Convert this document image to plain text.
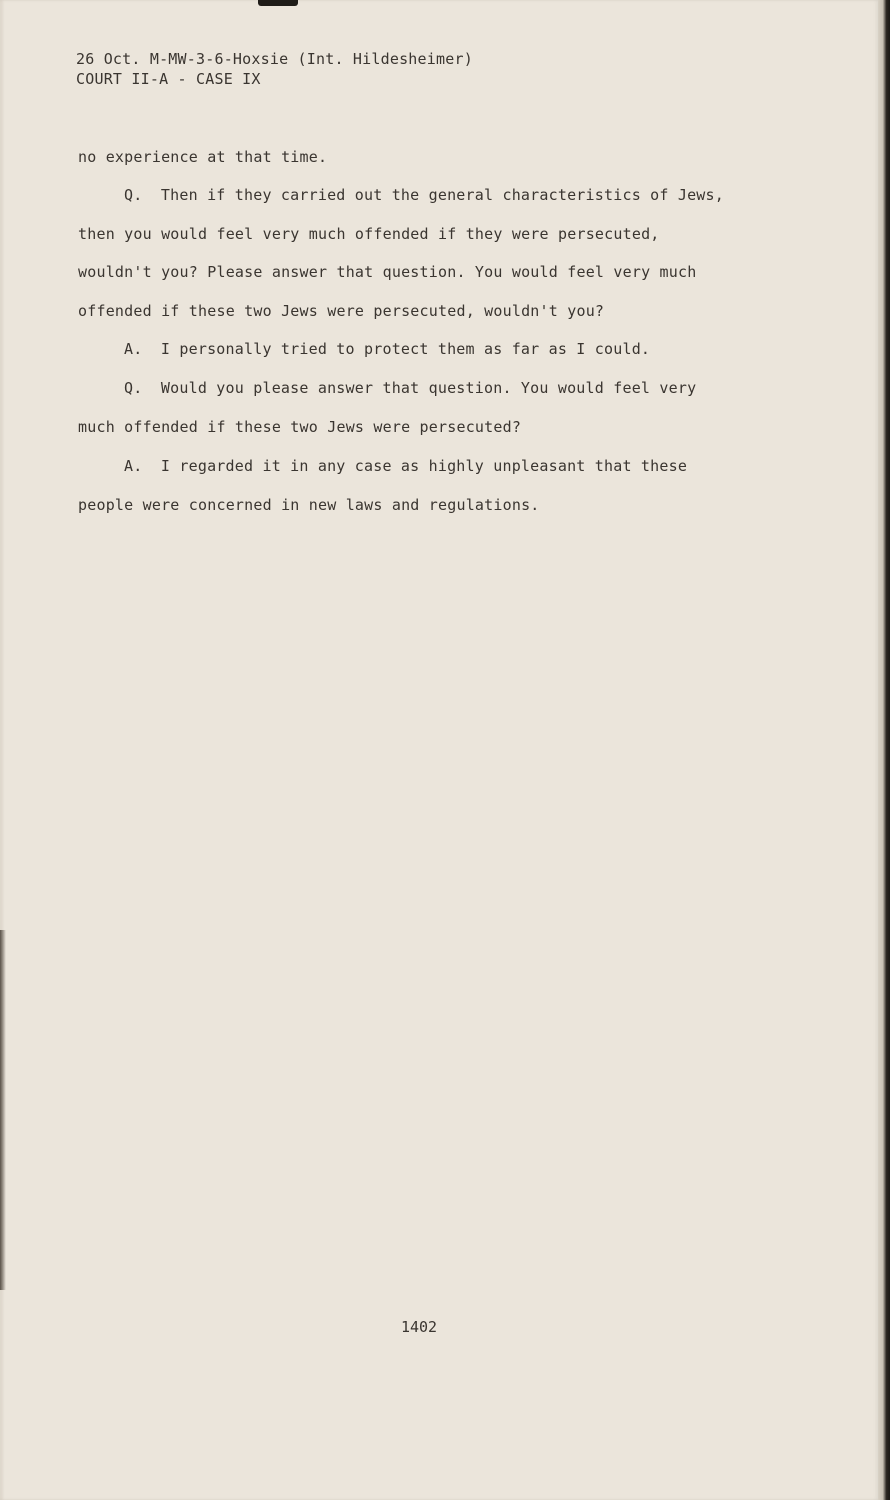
26 Oct. M-MW-3-6-Hoxsie (Int. Hildesheimer)
COURT II-A - CASE IX
no experience at that time.
Q.  Then if they carried out the general characteristics of Jews,
then you would feel very much offended if they were persecuted,
wouldn't you? Please answer that question. You would feel very much
offended if these two Jews were persecuted, wouldn't you?
A.  I personally tried to protect them as far as I could.
Q.  Would you please answer that question. You would feel very
much offended if these two Jews were persecuted?
A.  I regarded it in any case as highly unpleasant that these
people were concerned in new laws and regulations.
1402
